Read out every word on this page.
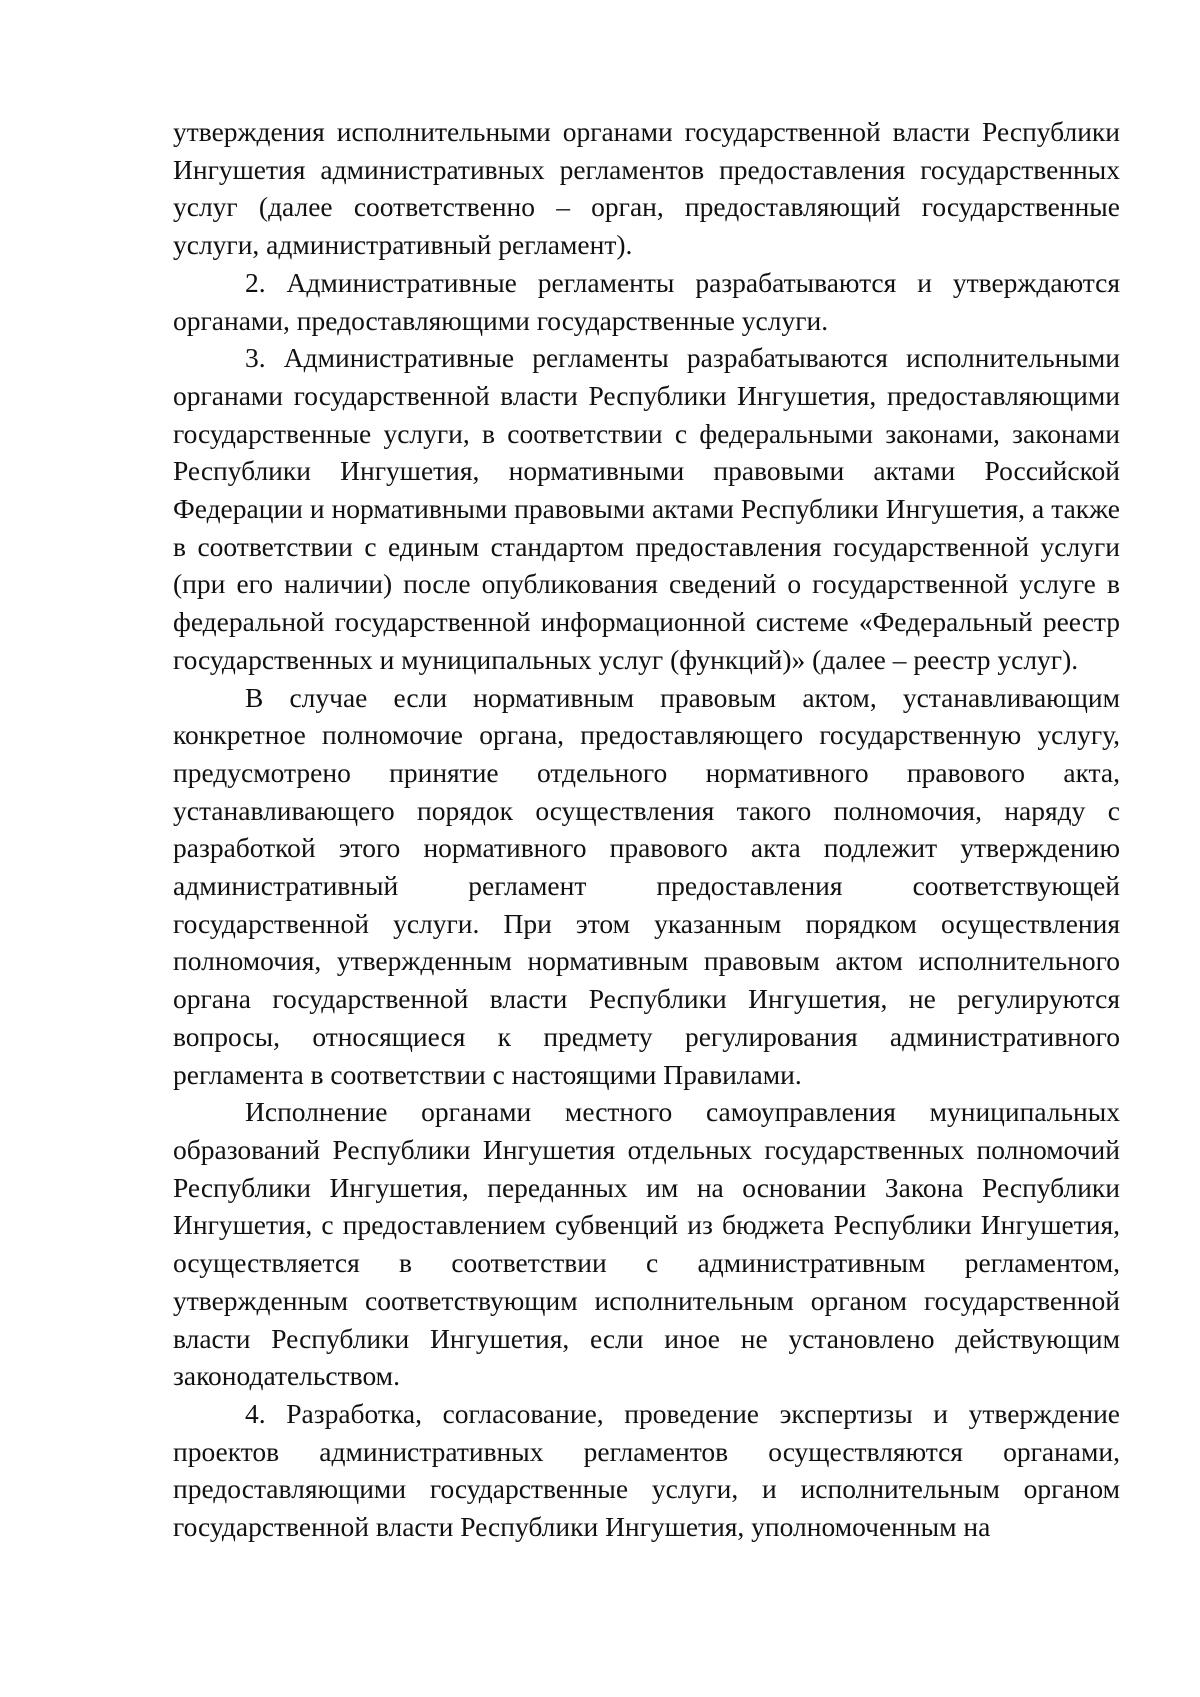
утверждения исполнительными органами государственной власти Республики Ингушетия административных регламентов предоставления государственных услуг (далее соответственно – орган, предоставляющий государственные услуги, административный регламент).

2. Административные регламенты разрабатываются и утверждаются органами, предоставляющими государственные услуги.

3. Административные регламенты разрабатываются исполнительными органами государственной власти Республики Ингушетия, предоставляющими государственные услуги, в соответствии с федеральными законами, законами Республики Ингушетия, нормативными правовыми актами Российской Федерации и нормативными правовыми актами Республики Ингушетия, а также в соответствии с единым стандартом предоставления государственной услуги (при его наличии) после опубликования сведений о государственной услуге в федеральной государственной информационной системе «Федеральный реестр государственных и муниципальных услуг (функций)» (далее – реестр услуг).

В случае если нормативным правовым актом, устанавливающим конкретное полномочие органа, предоставляющего государственную услугу, предусмотрено принятие отдельного нормативного правового акта, устанавливающего порядок осуществления такого полномочия, наряду с разработкой этого нормативного правового акта подлежит утверждению административный регламент предоставления соответствующей государственной услуги. При этом указанным порядком осуществления полномочия, утвержденным нормативным правовым актом исполнительного органа государственной власти Республики Ингушетия, не регулируются вопросы, относящиеся к предмету регулирования административного регламента в соответствии с настоящими Правилами.

Исполнение органами местного самоуправления муниципальных образований Республики Ингушетия отдельных государственных полномочий Республики Ингушетия, переданных им на основании Закона Республики Ингушетия, с предоставлением субвенций из бюджета Республики Ингушетия, осуществляется в соответствии с административным регламентом, утвержденным соответствующим исполнительным органом государственной власти Республики Ингушетия, если иное не установлено действующим законодательством.

4. Разработка, согласование, проведение экспертизы и утверждение проектов административных регламентов осуществляются органами, предоставляющими государственные услуги, и исполнительным органом государственной власти Республики Ингушетия, уполномоченным на
